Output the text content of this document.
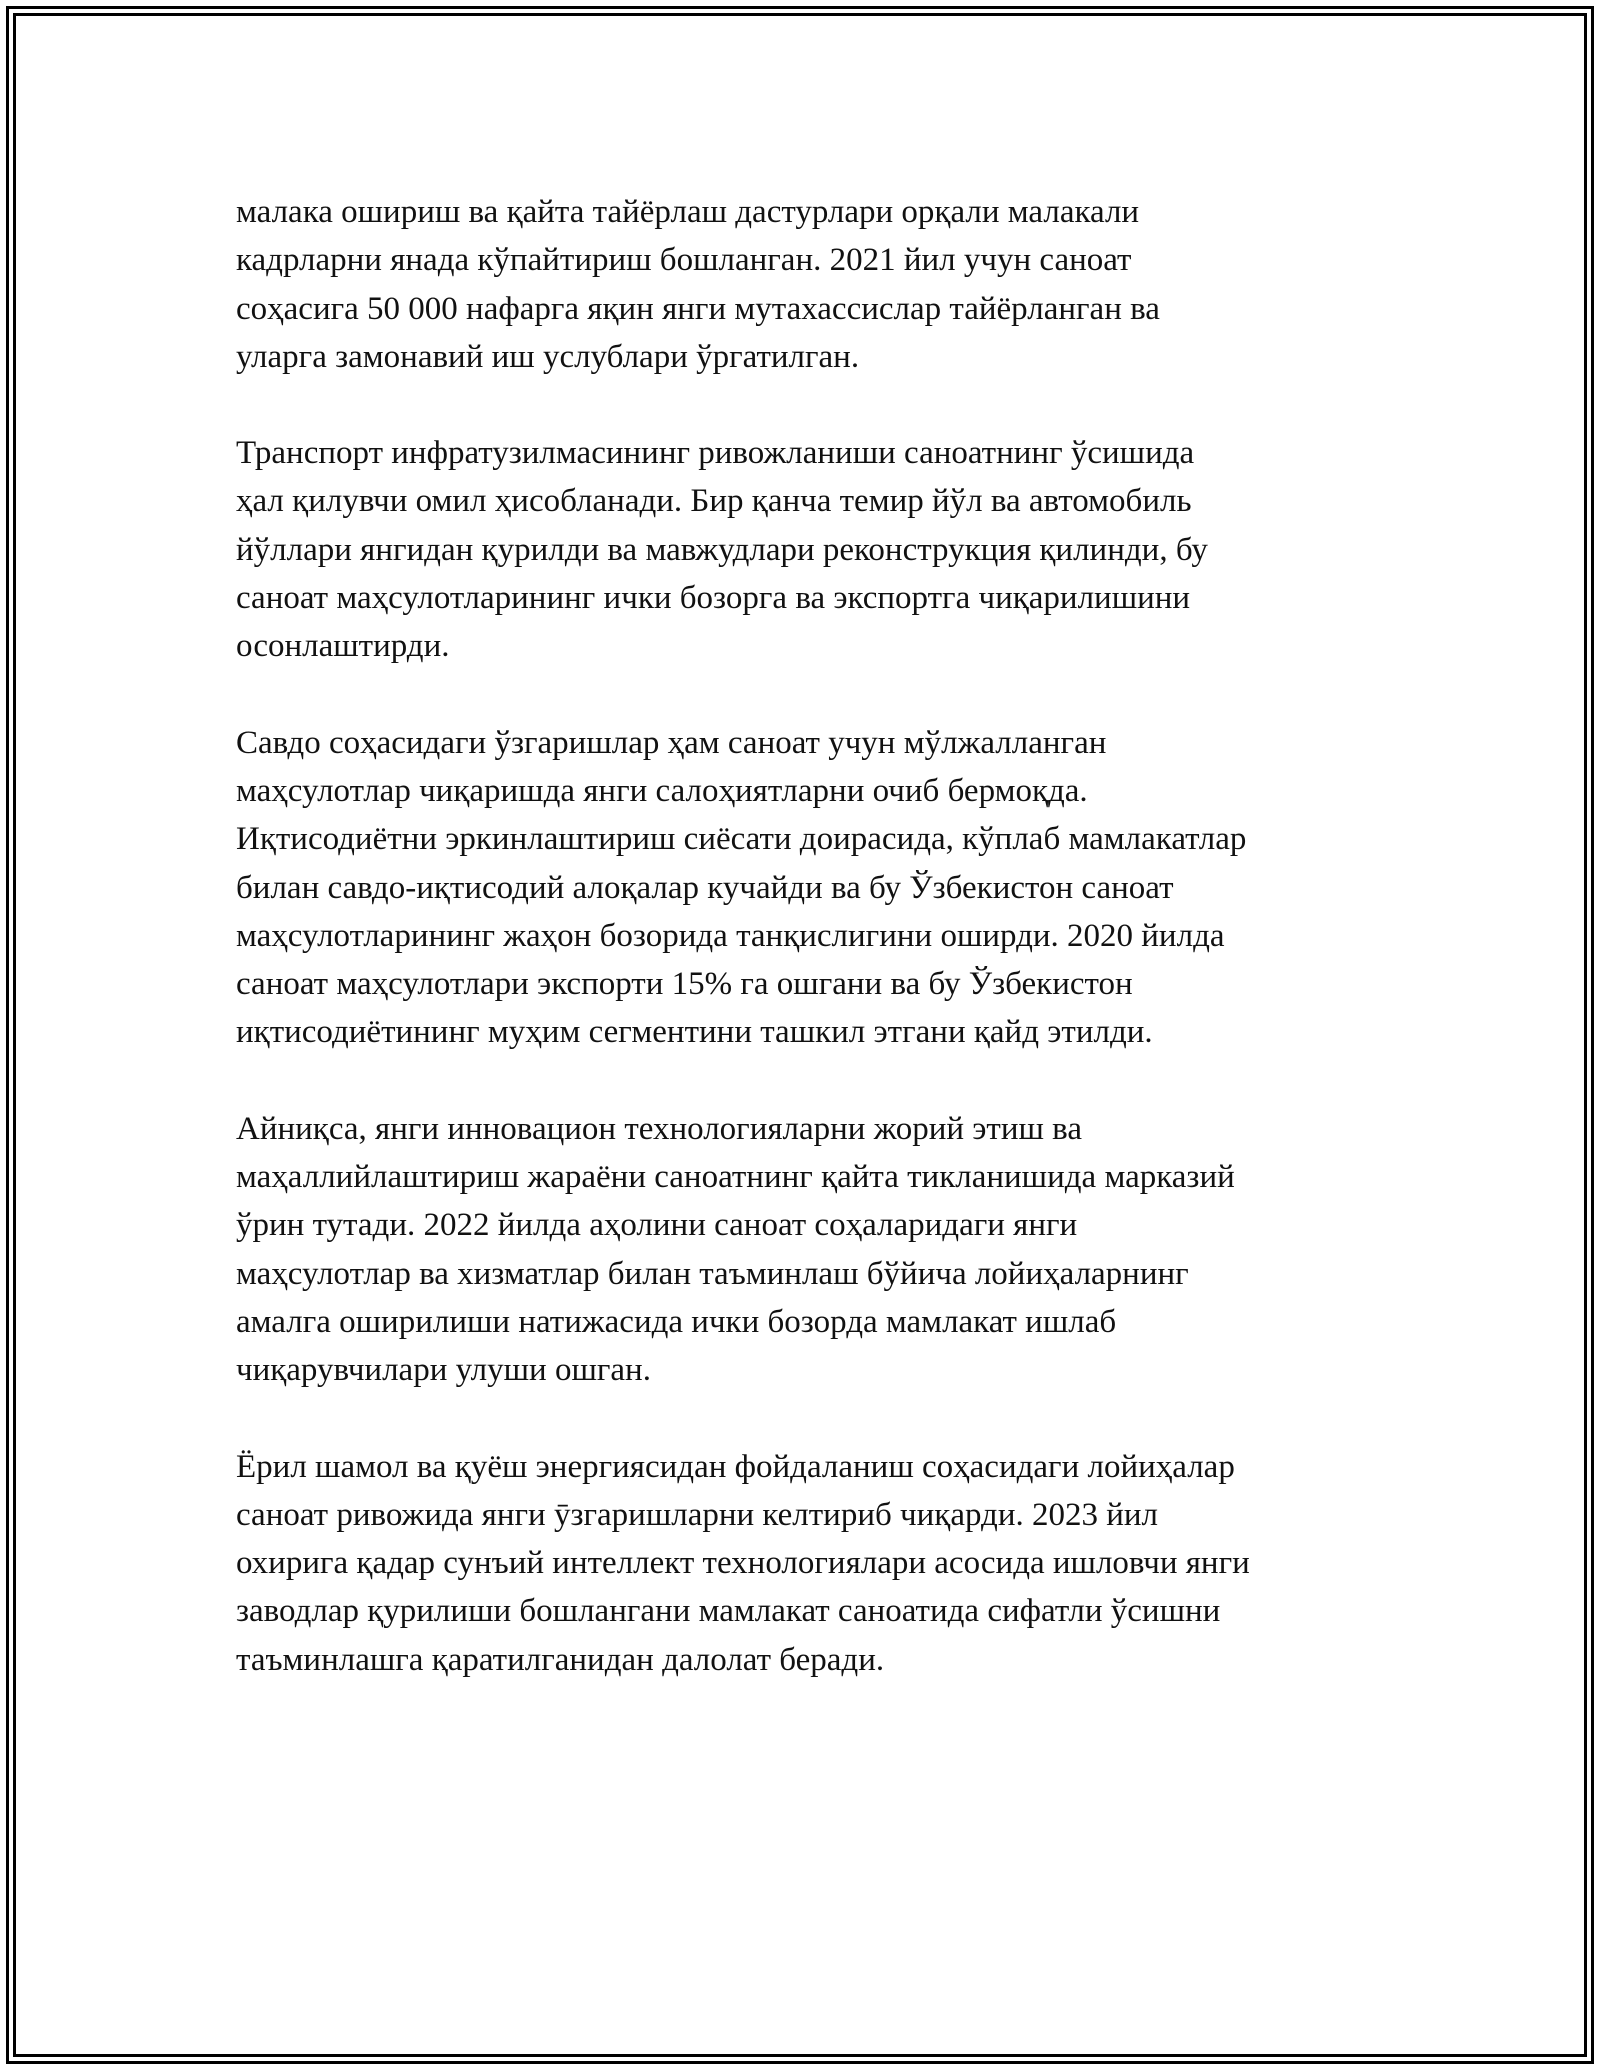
малака ошириш ва қайта тайёрлаш дастурлари орқали малакали
кадрларни янада кўпайтириш бошланган. 2021 йил учун саноат
соҳасига 50 000 нафарга яқин янги мутахассислар тайёрланган ва
уларга замонавий иш услублари ўргатилган.

Транспорт инфратузилмасининг ривожланиши саноатнинг ўсишида
ҳал қилувчи омил ҳисобланади. Бир қанча темир йўл ва автомобиль
йўллари янгидан қурилди ва мавжудлари реконструкция қилинди, бу
саноат маҳсулотларининг ички бозорга ва экспортга чиқарилишини
осонлаштирди.

Савдо соҳасидаги ўзгаришлар ҳам саноат учун мўлжалланган
маҳсулотлар чиқаришда янги салоҳиятларни очиб бермоқда.
Иқтисодиётни эркинлаштириш сиёсати доирасида, кўплаб мамлакатлар
билан савдо-иқтисодий алоқалар кучайди ва бу Ўзбекистон саноат
маҳсулотларининг жаҳон бозорида танқислигини оширди. 2020 йилда
саноат маҳсулотлари экспорти 15% га ошгани ва бу Ўзбекистон
иқтисодиётининг муҳим сегментини ташкил этгани қайд этилди.

Айниқса, янги инновацион технологияларни жорий этиш ва
маҳаллийлаштириш жараёни саноатнинг қайта тикланишида марказий
ўрин тутади. 2022 йилда аҳолини саноат соҳаларидаги янги
маҳсулотлар ва хизматлар билан таъминлаш бўйича лойиҳаларнинг
амалга оширилиши натижасида ички бозорда мамлакат ишлаб
чиқарувчилари улуши ошган.

Ёрил шамол ва қуёш энергиясидан фойдаланиш соҳасидаги лойиҳалар
саноат ривожида янги ӯзгаришларни келтириб чиқарди. 2023 йил
охирига қадар сунъий интеллект технологиялари асосида ишловчи янги
заводлар қурилиши бошлангани мамлакат саноатида сифатли ўсишни
таъминлашга қаратилганидан далолат беради.
